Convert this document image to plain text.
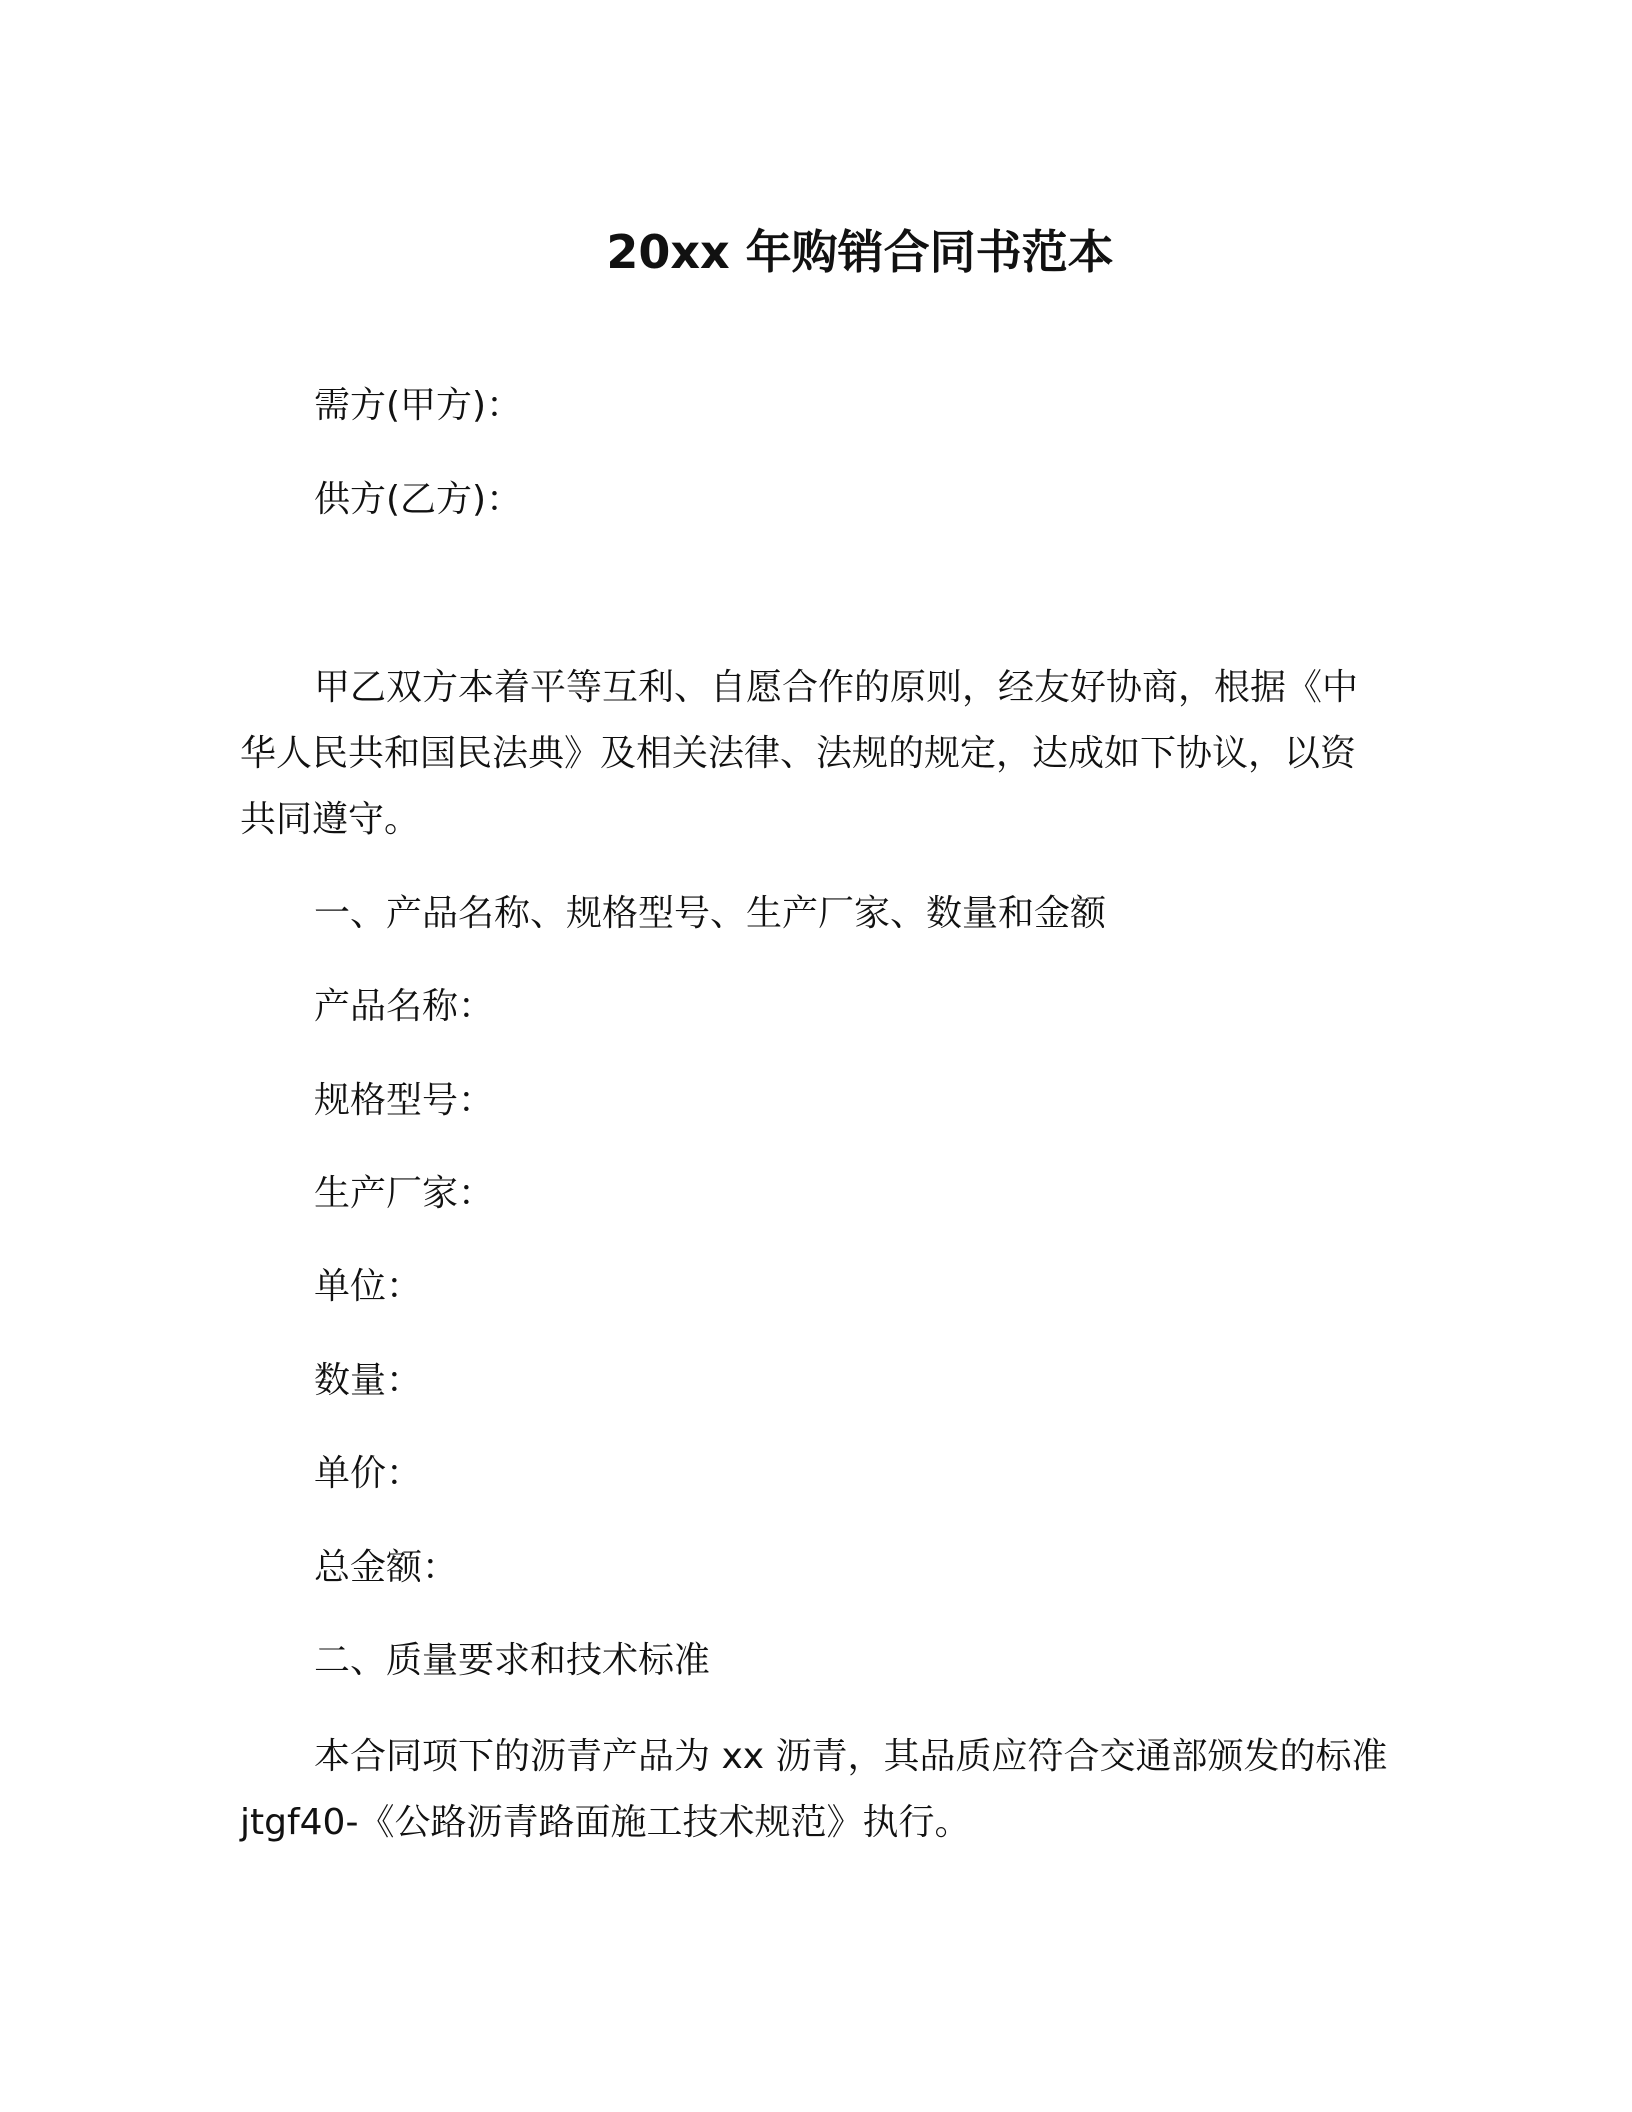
20xx 年购销合同书范本
需方(甲方)：
供方(乙方)：
甲乙双方本着平等互利、自愿合作的原则，经友好协商，根据《中华人民共和国民法典》及相关法律、法规的规定，达成如下协议，以资共同遵守。
一、产品名称、规格型号、生产厂家、数量和金额
产品名称：
规格型号：
生产厂家：
单位：
数量：
单价：
总金额：
二、质量要求和技术标准
本合同项下的沥青产品为 xx 沥青，其品质应符合交通部颁发的标准 jtgf40-《公路沥青路面施工技术规范》执行。
